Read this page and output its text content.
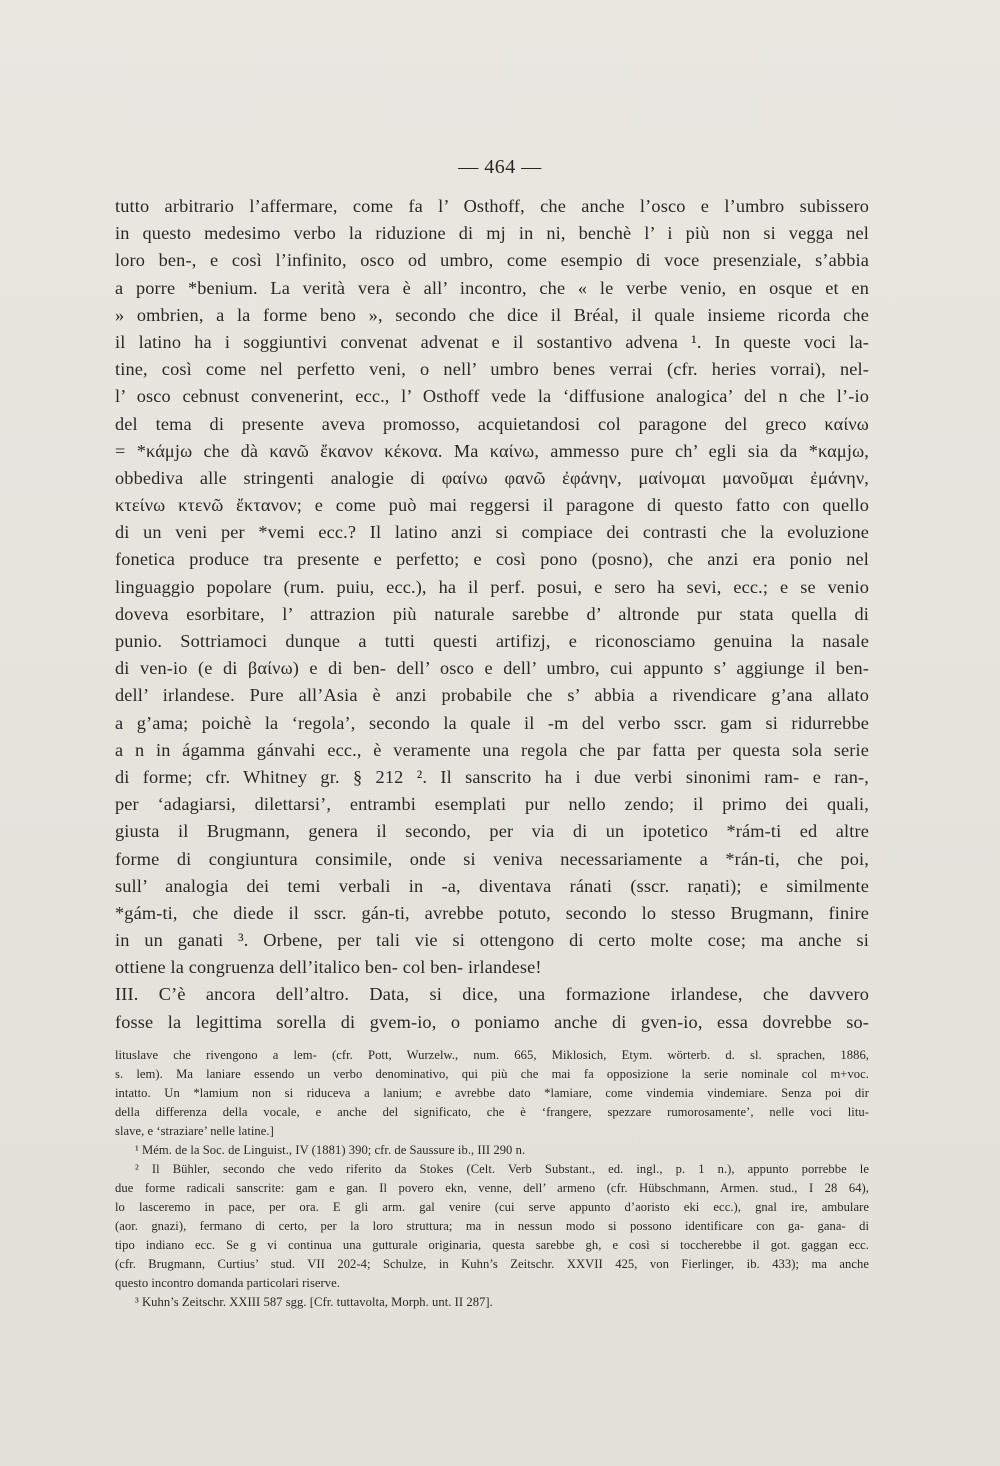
— 464 —
tutto arbitrario l’affermare, come fa l’ Osthoff, che anche l’osco e l’umbro subissero
in questo medesimo verbo la riduzione di mj in ni, benchè l’ i più non si vegga nel
loro ben-, e così l’infinito, osco od umbro, come esempio di voce presenziale, s’abbia
a porre *benium. La verità vera è all’ incontro, che « le verbe venio, en osque et en
» ombrien, a la forme beno », secondo che dice il Bréal, il quale insieme ricorda che
il latino ha i soggiuntivi convenat advenat e il sostantivo advena ¹. In queste voci la-
tine, così come nel perfetto veni, o nell’ umbro benes verrai (cfr. heries vorrai), nel-
l’ osco cebnust convenerint, ecc., l’ Osthoff vede la ‘diffusione analogica’ del n che l’-io
del tema di presente aveva promosso, acquietandosi col paragone del greco καίνω
= *κάμjω che dà κανῶ ἔκανον κέκονα. Ma καίνω, ammesso pure ch’ egli sia da *καμjω,
obbediva alle stringenti analogie di φαίνω φανῶ ἐφάνην, μαίνομαι μανοῦμαι ἐμάνην,
κτείνω κτενῶ ἔκτανον; e come può mai reggersi il paragone di questo fatto con quello
di un veni per *vemi ecc.? Il latino anzi si compiace dei contrasti che la evoluzione
fonetica produce tra presente e perfetto; e così pono (posno), che anzi era ponio nel
linguaggio popolare (rum. puiu, ecc.), ha il perf. posui, e sero ha sevi, ecc.; e se venio
doveva esorbitare, l’ attrazion più naturale sarebbe d’ altronde pur stata quella di
punio. Sottriamoci dunque a tutti questi artifizj, e riconosciamo genuina la nasale
di ven-io (e di βαίνω) e di ben- dell’ osco e dell’ umbro, cui appunto s’ aggiunge il ben-
dell’ irlandese. Pure all’Asia è anzi probabile che s’ abbia a rivendicare g’ana allato
a g’ama; poichè la ‘regola’, secondo la quale il -m del verbo sscr. gam si ridurrebbe
a n in ágamma gánvahi ecc., è veramente una regola che par fatta per questa sola serie
di forme; cfr. Whitney gr. § 212 ². Il sanscrito ha i due verbi sinonimi ram- e ran-,
per ‘adagiarsi, dilettarsi’, entrambi esemplati pur nello zendo; il primo dei quali,
giusta il Brugmann, genera il secondo, per via di un ipotetico *rám-ti ed altre
forme di congiuntura consimile, onde si veniva necessariamente a *rán-ti, che poi,
sull’ analogia dei temi verbali in -a, diventava ránati (sscr. raṇati); e similmente
*gám-ti, che diede il sscr. gán-ti, avrebbe potuto, secondo lo stesso Brugmann, finire
in un ganati ³. Orbene, per tali vie si ottengono di certo molte cose; ma anche si
ottiene la congruenza dell’italico ben- col ben- irlandese!
III. C’è ancora dell’altro. Data, si dice, una formazione irlandese, che davvero
fosse la legittima sorella di gvem-io, o poniamo anche di gven-io, essa dovrebbe so-
lituslave che rivengono a lem- (cfr. Pott, Wurzelw., num. 665, Miklosich, Etym. wörterb. d. sl. sprachen, 1886,
s. lem). Ma laniare essendo un verbo denominativo, qui più che mai fa opposizione la serie nominale col m+voc.
intatto. Un *lamium non si riduceva a lanium; e avrebbe dato *lamiare, come vindemia vindemiare. Senza poi dir
della differenza della vocale, e anche del significato, che è ‘frangere, spezzare rumorosamente’, nelle voci litu-
slave, e ‘straziare’ nelle latine.]
¹ Mém. de la Soc. de Linguist., IV (1881) 390; cfr. de Saussure ib., III 290 n.
² Il Bühler, secondo che vedo riferito da Stokes (Celt. Verb Substant., ed. ingl., p. 1 n.), appunto porrebbe le
due forme radicali sanscrite: gam e gan. Il povero ekn, venne, dell’ armeno (cfr. Hübschmann, Armen. stud., I 28 64),
lo lasceremo in pace, per ora. E gli arm. gal venire (cui serve appunto d’aoristo eki ecc.), gnal ire, ambulare
(aor. gnazi), fermano di certo, per la loro struttura; ma in nessun modo si possono identificare con ga- gana- di
tipo indiano ecc. Se g vi continua una gutturale originaria, questa sarebbe gh, e così si toccherebbe il got. gaggan ecc.
(cfr. Brugmann, Curtius’ stud. VII 202-4; Schulze, in Kuhn’s Zeitschr. XXVII 425, von Fierlinger, ib. 433); ma anche
questo incontro domanda particolari riserve.
³ Kuhn’s Zeitschr. XXIII 587 sgg. [Cfr. tuttavolta, Morph. unt. II 287].
